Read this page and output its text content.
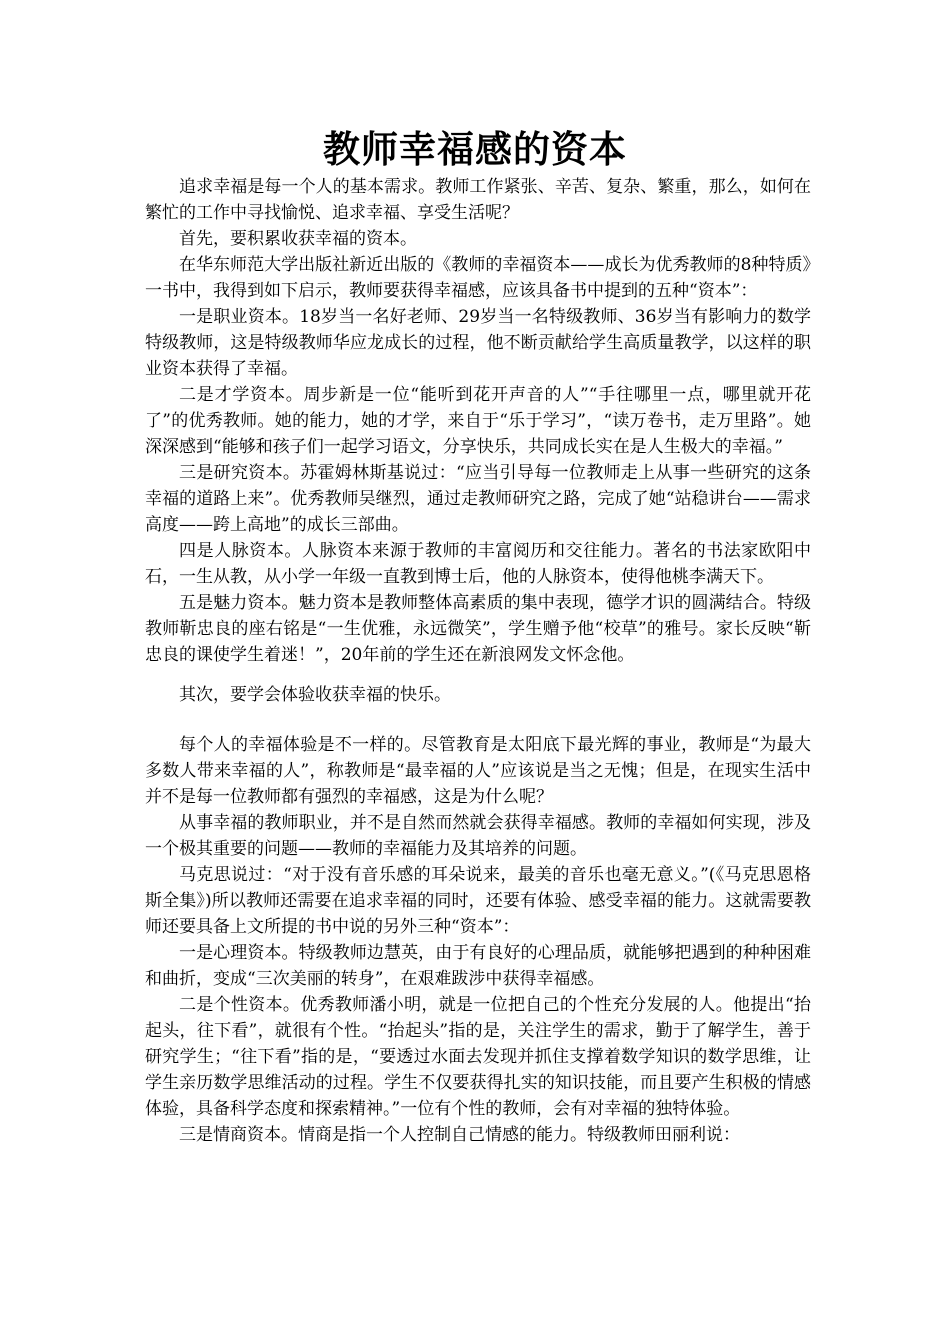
教师幸福感的资本

追求幸福是每一个人的基本需求。教师工作紧张、辛苦、复杂、繁重，那么，如何在繁忙的工作中寻找愉悦、追求幸福、享受生活呢？

首先，要积累收获幸福的资本。

在华东师范大学出版社新近出版的《教师的幸福资本——成长为优秀教师的8种特质》一书中，我得到如下启示，教师要获得幸福感，应该具备书中提到的五种“资本”：

一是职业资本。18岁当一名好老师、29岁当一名特级教师、36岁当有影响力的数学特级教师，这是特级教师华应龙成长的过程，他不断贡献给学生高质量教学，以这样的职业资本获得了幸福。

二是才学资本。周步新是一位“能听到花开声音的人”“手往哪里一点，哪里就开花了”的优秀教师。她的能力，她的才学，来自于“乐于学习”，“读万卷书，走万里路”。她深深感到“能够和孩子们一起学习语文，分享快乐，共同成长实在是人生极大的幸福。”

三是研究资本。苏霍姆林斯基说过：“应当引导每一位教师走上从事一些研究的这条幸福的道路上来”。优秀教师吴继烈，通过走教师研究之路，完成了她“站稳讲台——需求高度——跨上高地”的成长三部曲。

四是人脉资本。人脉资本来源于教师的丰富阅历和交往能力。著名的书法家欧阳中石，一生从教，从小学一年级一直教到博士后，他的人脉资本，使得他桃李满天下。

五是魅力资本。魅力资本是教师整体高素质的集中表现，德学才识的圆满结合。特级教师靳忠良的座右铭是“一生优雅，永远微笑”，学生赠予他“校草”的雅号。家长反映“靳忠良的课使学生着迷！”，20年前的学生还在新浪网发文怀念他。

其次，要学会体验收获幸福的快乐。

每个人的幸福体验是不一样的。尽管教育是太阳底下最光辉的事业，教师是“为最大多数人带来幸福的人”，称教师是“最幸福的人”应该说是当之无愧；但是，在现实生活中并不是每一位教师都有强烈的幸福感，这是为什么呢？

从事幸福的教师职业，并不是自然而然就会获得幸福感。教师的幸福如何实现，涉及一个极其重要的问题——教师的幸福能力及其培养的问题。

马克思说过：“对于没有音乐感的耳朵说来，最美的音乐也毫无意义。”(《马克思恩格斯全集》)所以教师还需要在追求幸福的同时，还要有体验、感受幸福的能力。这就需要教师还要具备上文所提的书中说的另外三种“资本”：

一是心理资本。特级教师边慧英，由于有良好的心理品质，就能够把遇到的种种困难和曲折，变成“三次美丽的转身”，在艰难跋涉中获得幸福感。

二是个性资本。优秀教师潘小明，就是一位把自己的个性充分发展的人。他提出“抬起头，往下看”，就很有个性。“抬起头”指的是，关注学生的需求，勤于了解学生，善于研究学生；“往下看”指的是，“要透过水面去发现并抓住支撑着数学知识的数学思维，让学生亲历数学思维活动的过程。学生不仅要获得扎实的知识技能，而且要产生积极的情感体验，具备科学态度和探索精神。”一位有个性的教师，会有对幸福的独特体验。

三是情商资本。情商是指一个人控制自己情感的能力。特级教师田丽利说：
